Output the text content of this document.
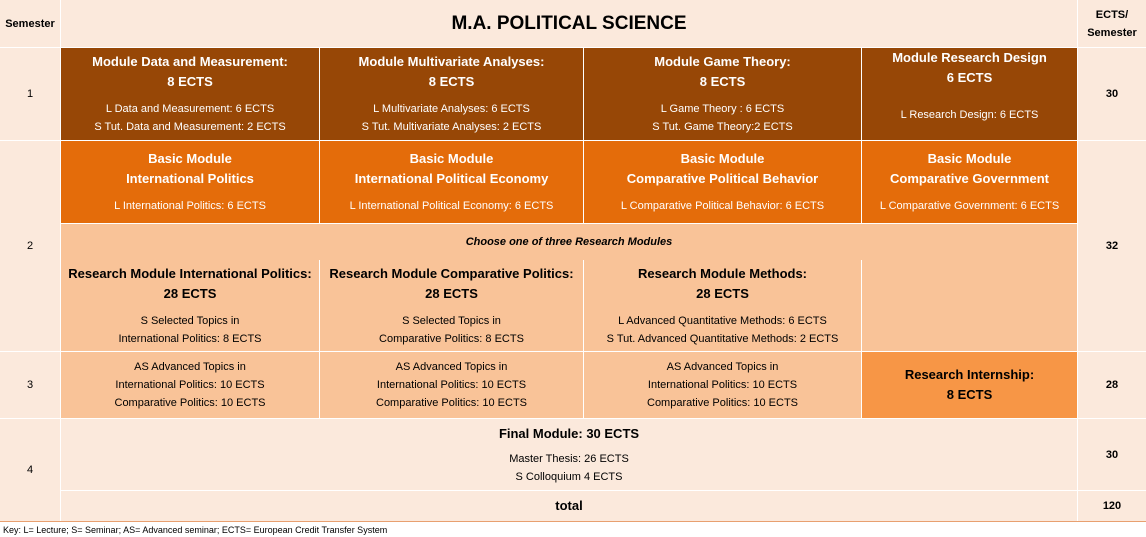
Semester	M.A. POLITICAL SCIENCE	ECTS/
Semester
1
2
3
4
30
32
28
30
120
Module Data and Measurement:
8 ECTS
L Data and Measurement: 6 ECTS
S Tut. Data and Measurement: 2 ECTS
Module Multivariate Analyses:
8 ECTS
L Multivariate Analyses: 6 ECTS
S Tut. Multivariate Analyses: 2 ECTS
Module Game Theory:
8 ECTS
L Game Theory : 6 ECTS
S Tut. Game Theory:2 ECTS
Module Research Design
6 ECTS
L Research Design: 6 ECTS
Basic Module
International Politics
L International Politics: 6 ECTS
Basic Module
International Political Economy
L International Political Economy: 6 ECTS
Basic Module
Comparative Political Behavior
L Comparative Political Behavior: 6 ECTS
Basic Module
Comparative Government
L Comparative Government: 6 ECTS
Choose one of three Research Modules
Research Module International Politics:
28 ECTS
S Selected Topics in
International Politics: 8 ECTS
Research Module Comparative Politics:
28 ECTS
S Selected Topics in
Comparative Politics: 8 ECTS
Research Module Methods:
28 ECTS
L Advanced Quantitative Methods: 6 ECTS
S Tut. Advanced Quantitative Methods: 2 ECTS
AS Advanced Topics in
International Politics: 10 ECTS
Comparative Politics: 10 ECTS
AS Advanced Topics in
International Politics: 10 ECTS
Comparative Politics: 10 ECTS
AS Advanced Topics in
International Politics: 10 ECTS
Comparative Politics: 10 ECTS
Research Internship:
8 ECTS
Final Module: 30 ECTS
Master Thesis: 26 ECTS
S Colloquium 4 ECTS
total
Key: L= Lecture; S= Seminar; AS= Advanced seminar; ECTS= European Credit Transfer System
